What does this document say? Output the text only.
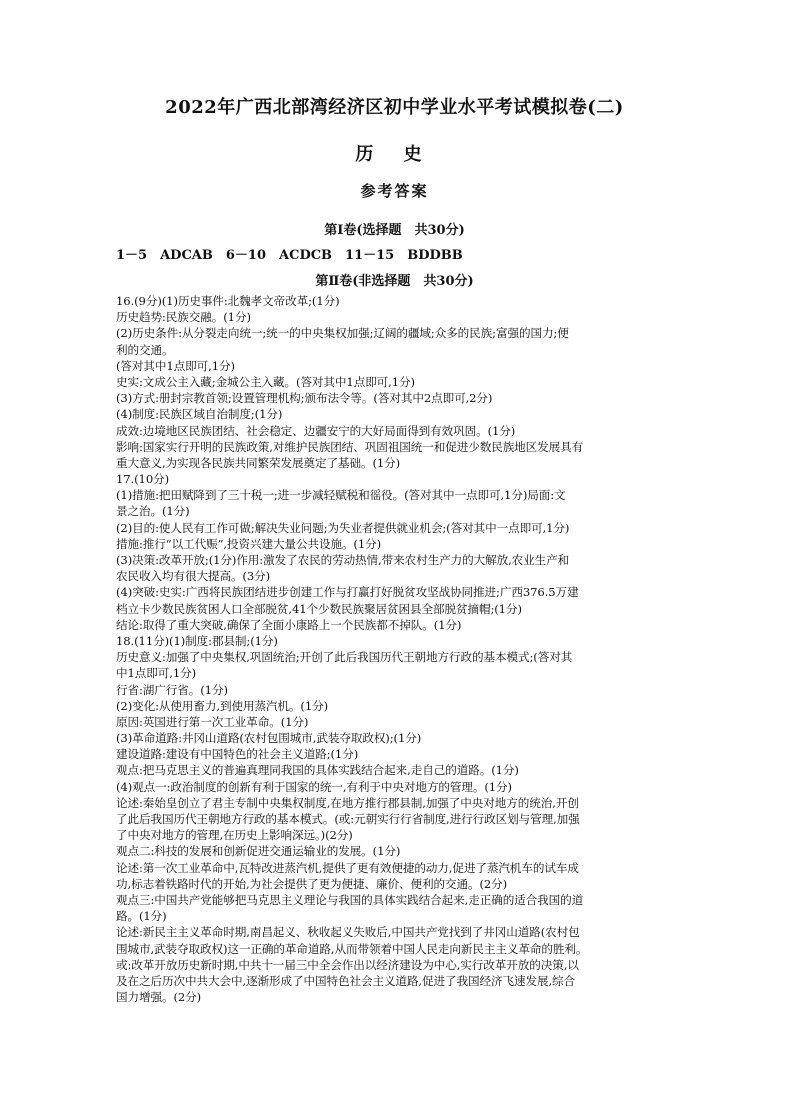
2022年广西北部湾经济区初中学业水平考试模拟卷(二)
历 史
参考答案
第Ⅰ卷(选择题　共30分)
1－5　ADCAB　6－10　ACDCB　11－15　BDDBB
第Ⅱ卷(非选择题　共30分)
16.(9分)(1)历史事件:北魏孝文帝改革;(1分)
历史趋势:民族交融。(1分)
(2)历史条件:从分裂走向统一;统一的中央集权加强;辽阔的疆域;众多的民族;富强的国力;便
利的交通。
(答对其中1点即可,1分)
史实:文成公主入藏;金城公主入藏。(答对其中1点即可,1分)
(3)方式:册封宗教首领;设置管理机构;颁布法令等。(答对其中2点即可,2分)
(4)制度:民族区域自治制度;(1分)
成效:边境地区民族团结、社会稳定、边疆安宁的大好局面得到有效巩固。(1分)
影响:国家实行开明的民族政策,对维护民族团结、巩固祖国统一和促进少数民族地区发展具有
重大意义,为实现各民族共同繁荣发展奠定了基础。(1分)
17.(10分)
(1)措施:把田赋降到了三十税一;进一步减轻赋税和徭役。(答对其中一点即可,1分)局面:文
景之治。(1分)
(2)目的:使人民有工作可做;解决失业问题;为失业者提供就业机会;(答对其中一点即可,1分)
措施:推行“以工代赈”,投资兴建大量公共设施。(1分)
(3)决策:改革开放;(1分)作用:激发了农民的劳动热情,带来农村生产力的大解放,农业生产和
农民收入均有很大提高。(3分)
(4)突破:史实:广西将民族团结进步创建工作与打赢打好脱贫攻坚战协同推进;广西376.5万建
档立卡少数民族贫困人口全部脱贫,41个少数民族聚居贫困县全部脱贫摘帽;(1分)
结论:取得了重大突破,确保了全面小康路上一个民族都不掉队。(1分)
18.(11分)(1)制度:郡县制;(1分)
历史意义:加强了中央集权,巩固统治;开创了此后我国历代王朝地方行政的基本模式;(答对其
中1点即可,1分)
行省:湖广行省。(1分)
(2)变化:从使用畜力,到使用蒸汽机。(1分)
原因:英国进行第一次工业革命。(1分)
(3)革命道路:井冈山道路(农村包围城市,武装夺取政权);(1分)
建设道路:建设有中国特色的社会主义道路;(1分)
观点:把马克思主义的普遍真理同我国的具体实践结合起来,走自己的道路。(1分)
(4)观点一:政治制度的创新有利于国家的统一,有利于中央对地方的管理。(1分)
论述:秦始皇创立了君主专制中央集权制度,在地方推行郡县制,加强了中央对地方的统治,开创
了此后我国历代王朝地方行政的基本模式。(或:元朝实行行省制度,进行行政区划与管理,加强
了中央对地方的管理,在历史上影响深远。)(2分)
观点二:科技的发展和创新促进交通运输业的发展。(1分)
论述:第一次工业革命中,瓦特改进蒸汽机,提供了更有效便捷的动力,促进了蒸汽机车的试车成
功,标志着铁路时代的开始,为社会提供了更为便捷、廉价、便利的交通。(2分)
观点三:中国共产党能够把马克思主义理论与我国的具体实践结合起来,走正确的适合我国的道
路。(1分)
论述:新民主主义革命时期,南昌起义、秋收起义失败后,中国共产党找到了井冈山道路(农村包
围城市,武装夺取政权)这一正确的革命道路,从而带领着中国人民走向新民主主义革命的胜利。
或:改革开放历史新时期,中共十一届三中全会作出以经济建设为中心,实行改革开放的决策,以
及在之后历次中共大会中,逐渐形成了中国特色社会主义道路,促进了我国经济飞速发展,综合
国力增强。(2分)
